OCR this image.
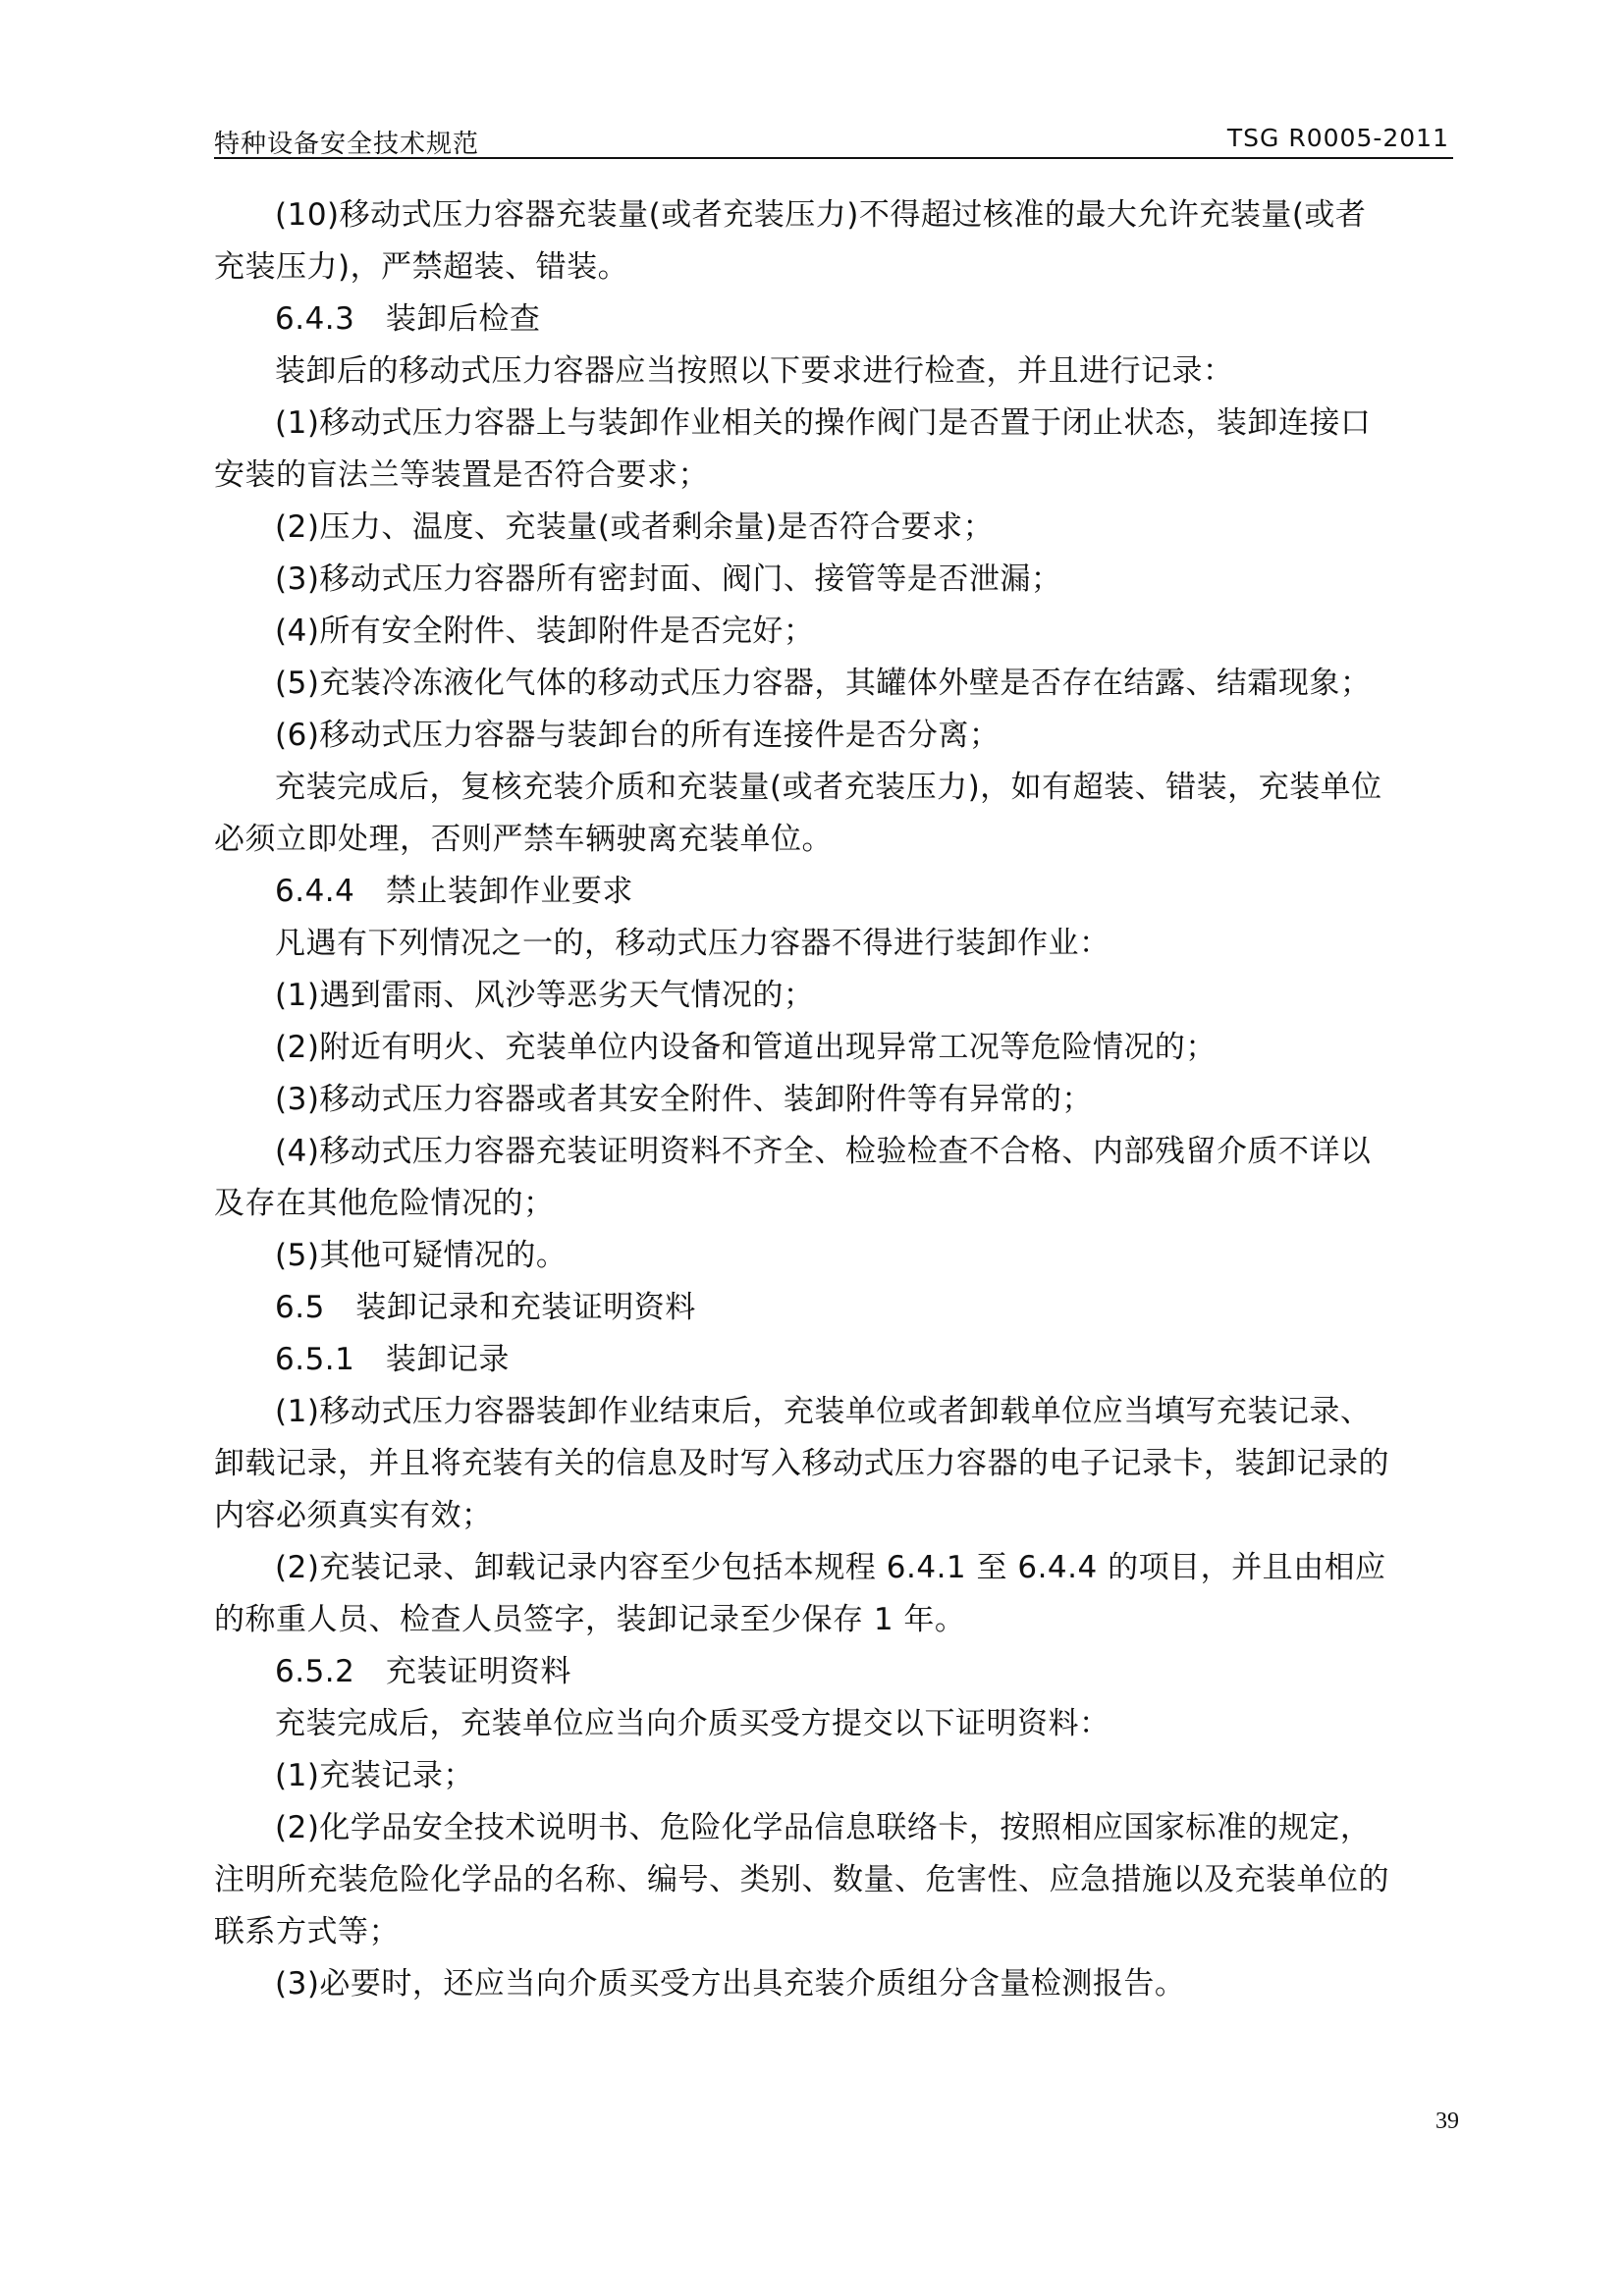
特种设备安全技术规范	TSG R0005-2011
(10)移动式压力容器充装量(或者充装压力)不得超过核准的最大允许充装量(或者
充装压力)，严禁超装、错装。
6.4.3　装卸后检查
装卸后的移动式压力容器应当按照以下要求进行检查，并且进行记录：
(1)移动式压力容器上与装卸作业相关的操作阀门是否置于闭止状态，装卸连接口
安装的盲法兰等装置是否符合要求；
(2)压力、温度、充装量(或者剩余量)是否符合要求；
(3)移动式压力容器所有密封面、阀门、接管等是否泄漏；
(4)所有安全附件、装卸附件是否完好；
(5)充装冷冻液化气体的移动式压力容器，其罐体外壁是否存在结露、结霜现象；
(6)移动式压力容器与装卸台的所有连接件是否分离；
充装完成后，复核充装介质和充装量(或者充装压力)，如有超装、错装，充装单位
必须立即处理，否则严禁车辆驶离充装单位。
6.4.4　禁止装卸作业要求
凡遇有下列情况之一的，移动式压力容器不得进行装卸作业：
(1)遇到雷雨、风沙等恶劣天气情况的；
(2)附近有明火、充装单位内设备和管道出现异常工况等危险情况的；
(3)移动式压力容器或者其安全附件、装卸附件等有异常的；
(4)移动式压力容器充装证明资料不齐全、检验检查不合格、内部残留介质不详以
及存在其他危险情况的；
(5)其他可疑情况的。
6.5　装卸记录和充装证明资料
6.5.1　装卸记录
(1)移动式压力容器装卸作业结束后，充装单位或者卸载单位应当填写充装记录、
卸载记录，并且将充装有关的信息及时写入移动式压力容器的电子记录卡，装卸记录的
内容必须真实有效；
(2)充装记录、卸载记录内容至少包括本规程 6.4.1 至 6.4.4 的项目，并且由相应
的称重人员、检查人员签字，装卸记录至少保存 1 年。
6.5.2　充装证明资料
充装完成后，充装单位应当向介质买受方提交以下证明资料：
(1)充装记录；
(2)化学品安全技术说明书、危险化学品信息联络卡，按照相应国家标准的规定，
注明所充装危险化学品的名称、编号、类别、数量、危害性、应急措施以及充装单位的
联系方式等；
(3)必要时，还应当向介质买受方出具充装介质组分含量检测报告。
39
